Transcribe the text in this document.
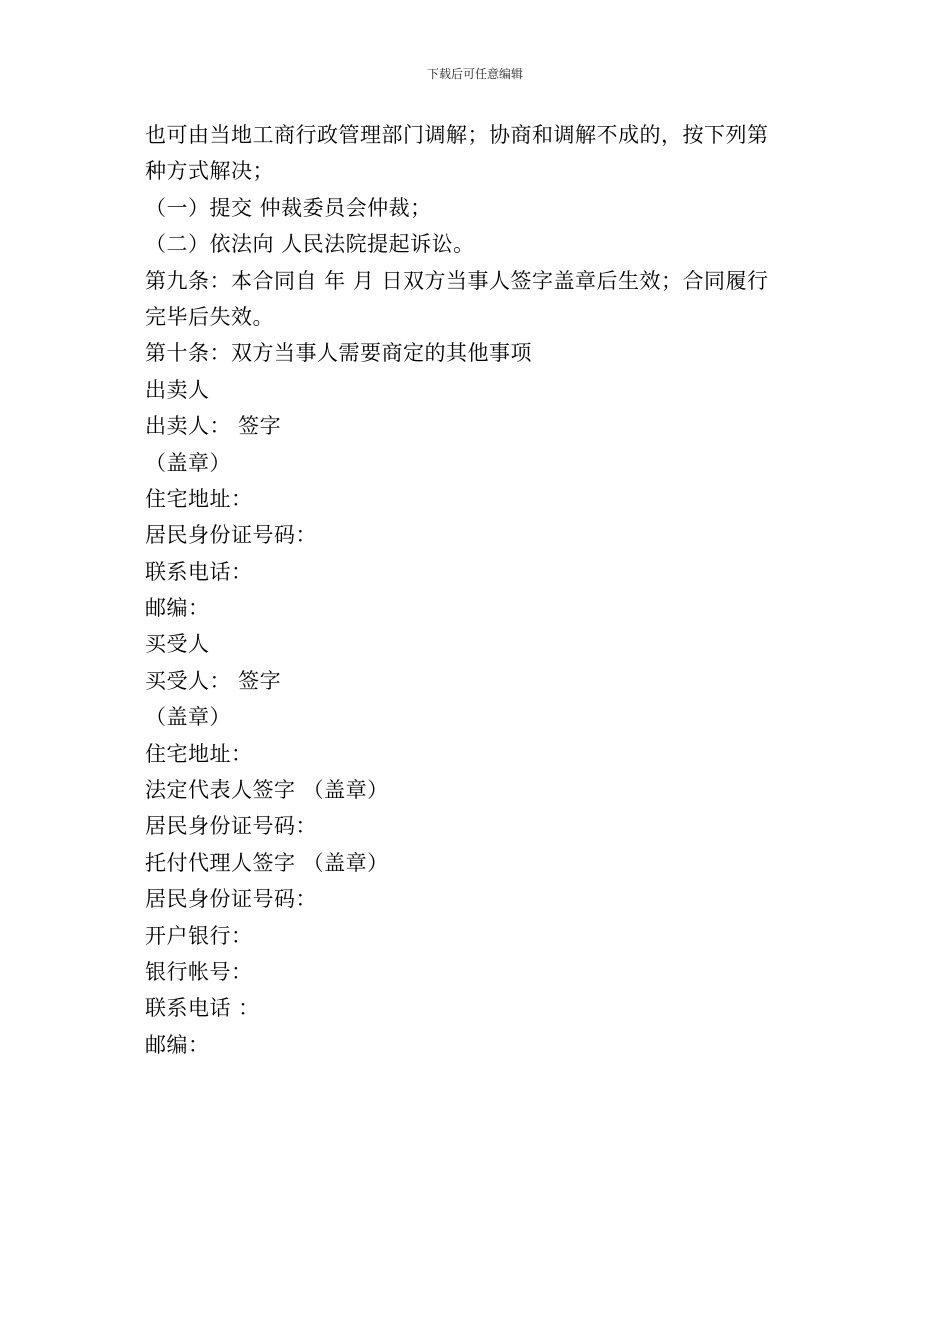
下载后可任意编辑
也可由当地工商行政管理部门调解；协商和调解不成的，按下列第
种方式解决；
（一）提交 仲裁委员会仲裁；
（二）依法向 人民法院提起诉讼。
第九条：本合同自 年 月 日双方当事人签字盖章后生效；合同履行
完毕后失效。
第十条：双方当事人需要商定的其他事项
出卖人
出卖人： 签字
（盖章）
住宅地址：
居民身份证号码：
联系电话：
邮编：
买受人
买受人： 签字
（盖章）
住宅地址：
法定代表人签字 （盖章）
居民身份证号码：
托付代理人签字 （盖章）
居民身份证号码：
开户银行：
银行帐号：
联系电话 ：
邮编：
